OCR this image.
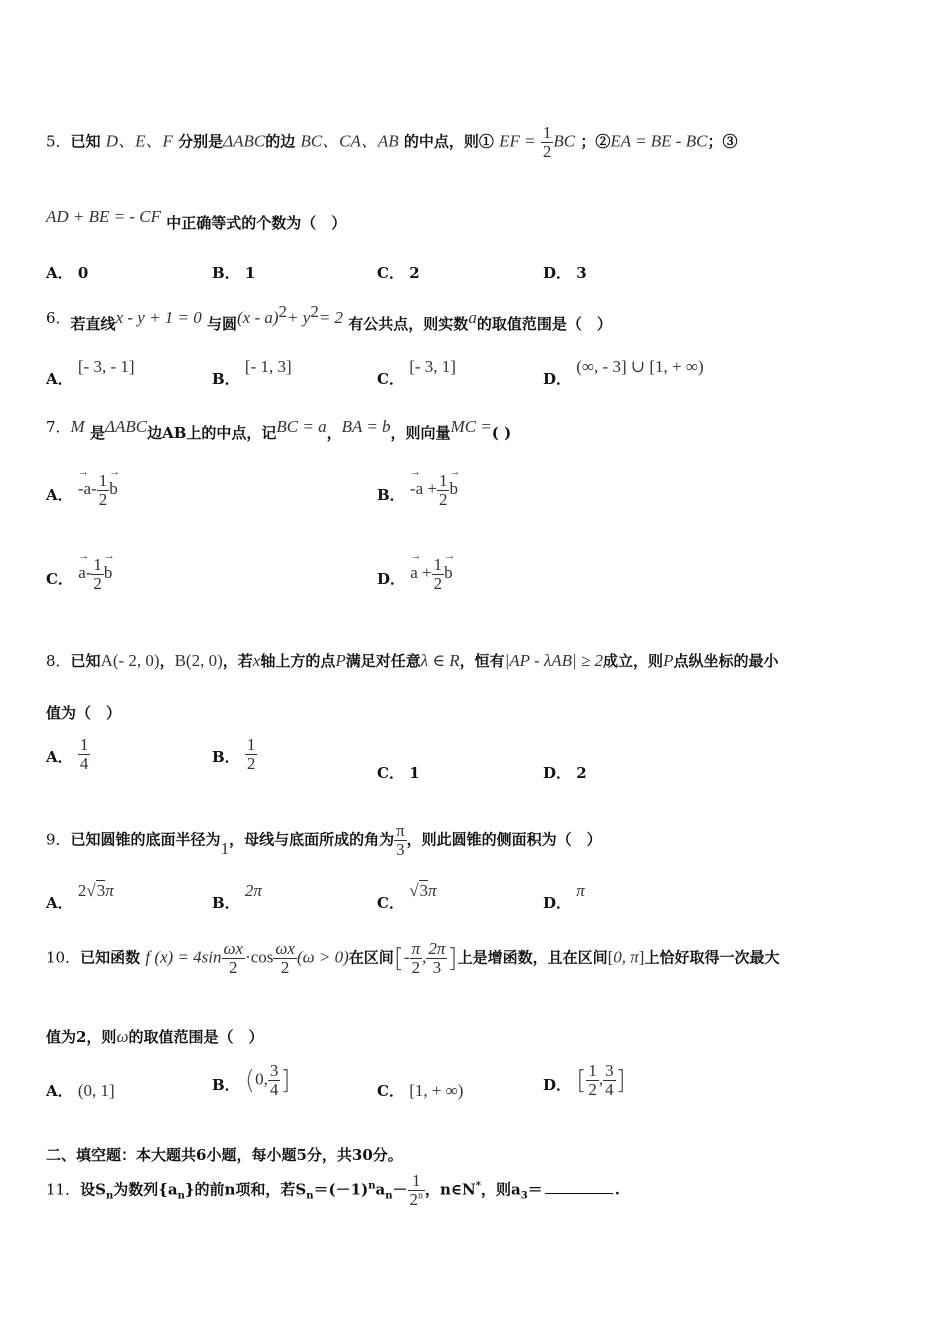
5．已知 D、E、F 分别是ΔABC的边 BC、CA、AB 的中点，则① EF = $\frac{1}{2}$ BC ；②EA = BE - BC；③
AD + BE = - CF 中正确等式的个数为（　）
A． 0	B． 1	C． 2	D． 3
6．若直线x - y + 1 = 0 与圆$(x - a)^2+ y^2= 2$ 有公共点，则实数a的取值范围是（　）
A． [- 3, - 1]
B． [- 1, 3]
C． [- 3, 1]
D． (∞, - 3] ∪ [1, + ∞)
7．M 是ΔABC边AB上的中点，记BC = a，BA = b，则向量MC =( )
A． → $-a- \frac{1}{2}$
→ b	B． → $-a + \frac{1}{2}$
→ b
C． → $a- \frac{1}{2}$
→ b	D． → $a + \frac{1}{2}$
→ b
8．已知A(- 2, 0)，B(2, 0)，若x轴上方的点P满足对任意λ ∈ R，恒有|AP - λAB| ≥ 2成立，则P点纵坐标的最小
值为（　）
A． $\frac{1}{4}$	B． $\frac{1}{2}$
C． 1	D． 2
9．已知圆锥的底面半径为1，母线与底面所成的角为 $\frac{\pi}{3}$ ，则此圆锥的侧面积为（　）
A． 2√3π
B． 2π
C． √3π
D． π
10．已知函数 f $(x) = 4\sin \frac{\omega x}{2} \cdot\cos \frac{\omega x}{2} (\omega > 0)$在区间[- $\frac{\pi}{2}$ , $\frac{2\pi}{3}$ ]上是增函数，且在区间[0, π]上恰好取得一次最大
值为2，则ω的取值范围是（　）
A． (0, 1]	B． (0, $\frac{3}{4}$ ]	C． [1, + ∞)	D． [ $\frac{1}{2}$ , $\frac{3}{4}$ ]
二、填空题：本大题共6小题，每小题5分，共30分。
11．设$S_n$为数列$\{a_n\}$的前n项和，若$S_n=(-1)^na_n- \frac{1}{2^n}$ ，n∈N*，则$a_3=$	.
